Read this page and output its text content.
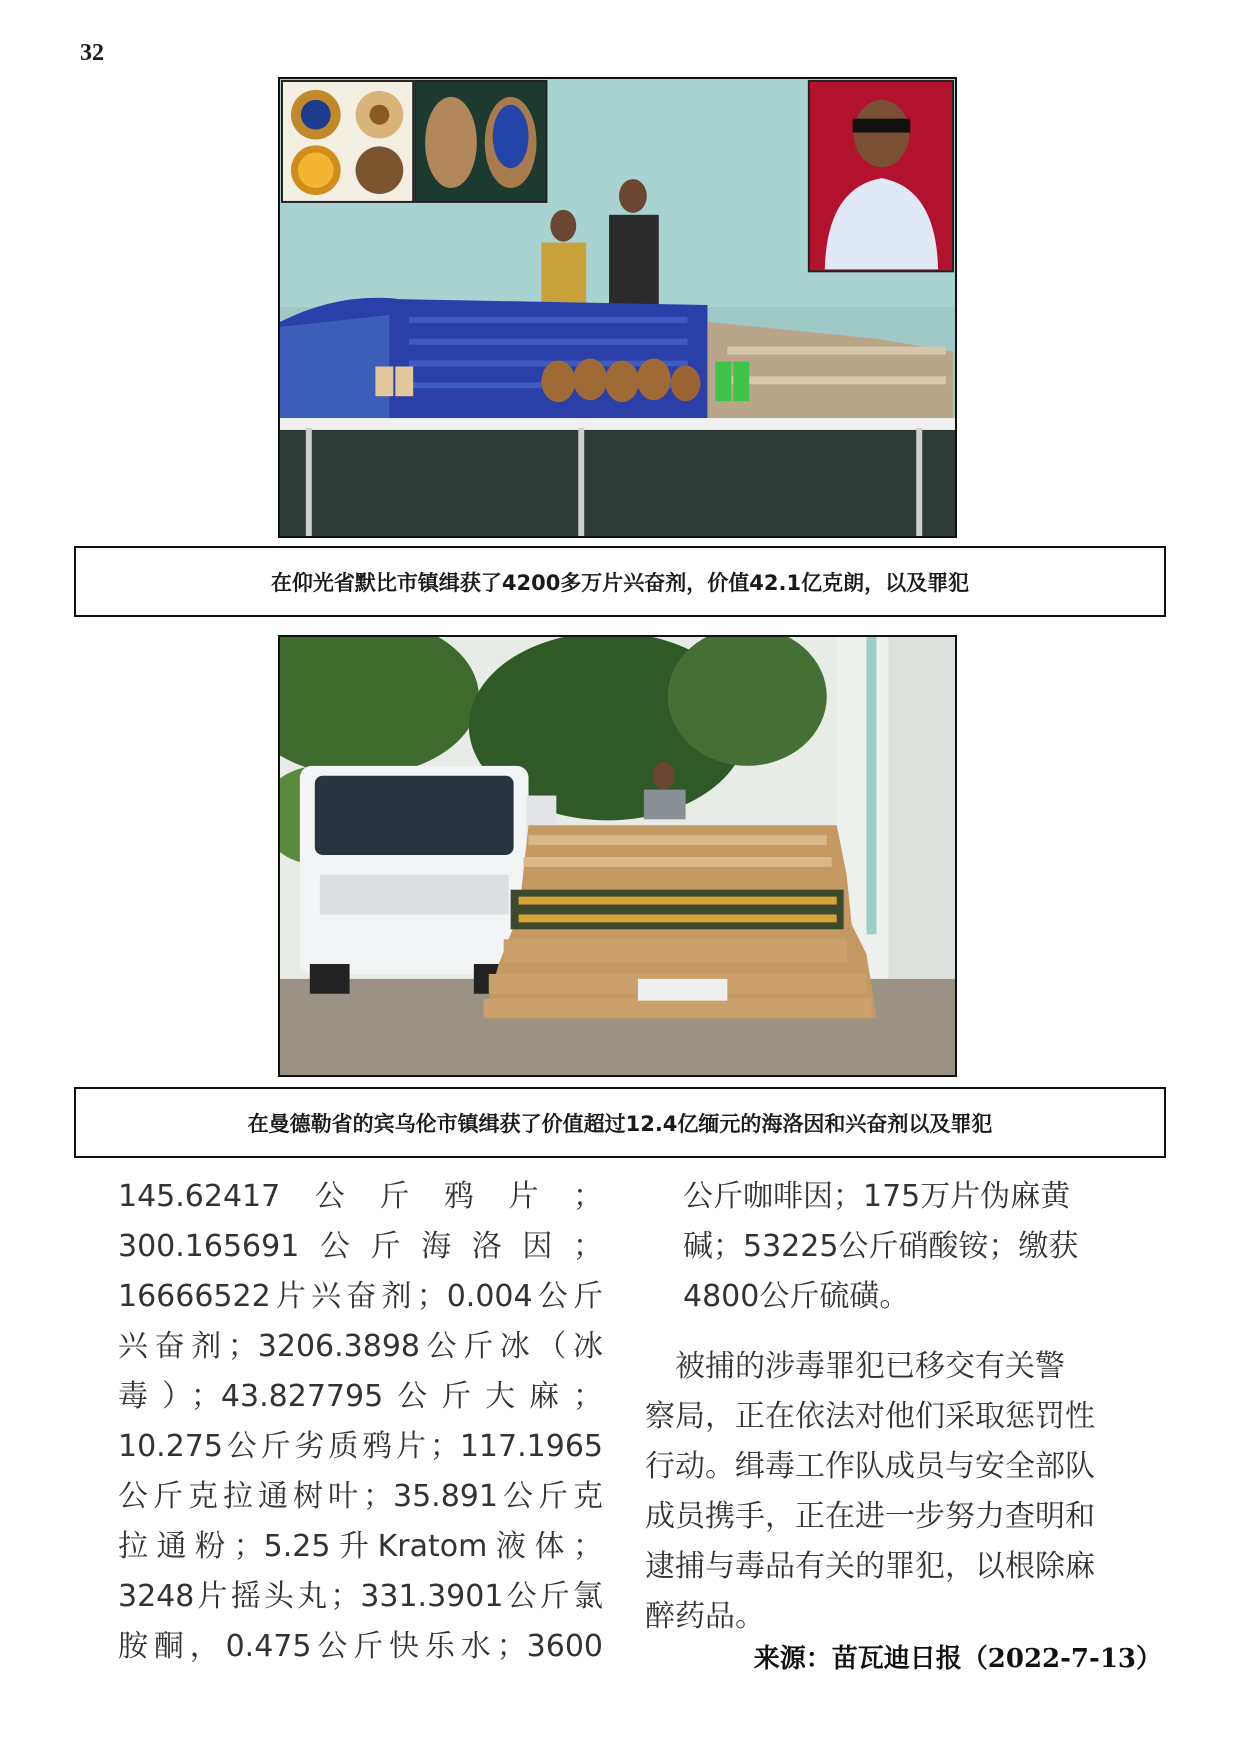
32
在仰光省默比市镇缉获了4200多万片兴奋剂，价值42.1亿克朗，以及罪犯
在曼德勒省的宾乌伦市镇缉获了价值超过12.4亿缅元的海洛因和兴奋剂以及罪犯

145.62417公斤鸦片；

300.165691公斤海洛因；

16666522片兴奋剂；0.004公斤

兴奋剂；3206.3898公斤冰（冰

毒）；43.827795公斤大麻；

10.275公斤劣质鸦片；117.1965

公斤克拉通树叶；35.891公斤克

拉通粉；5.25升Kratom液体；

3248片摇头丸；331.3901公斤氯

胺酮，0.475公斤快乐水；3600

公斤咖啡因；175万片伪麻黄

碱；53225公斤硝酸铵；缴获

4800公斤硫磺。

　被捕的涉毒罪犯已移交有关警

察局，正在依法对他们采取惩罚性

行动。缉毒工作队成员与安全部队

成员携手，正在进一步努力查明和

逮捕与毒品有关的罪犯，以根除麻

醉药品。

来源：苗瓦迪日报（2022-7-13）
